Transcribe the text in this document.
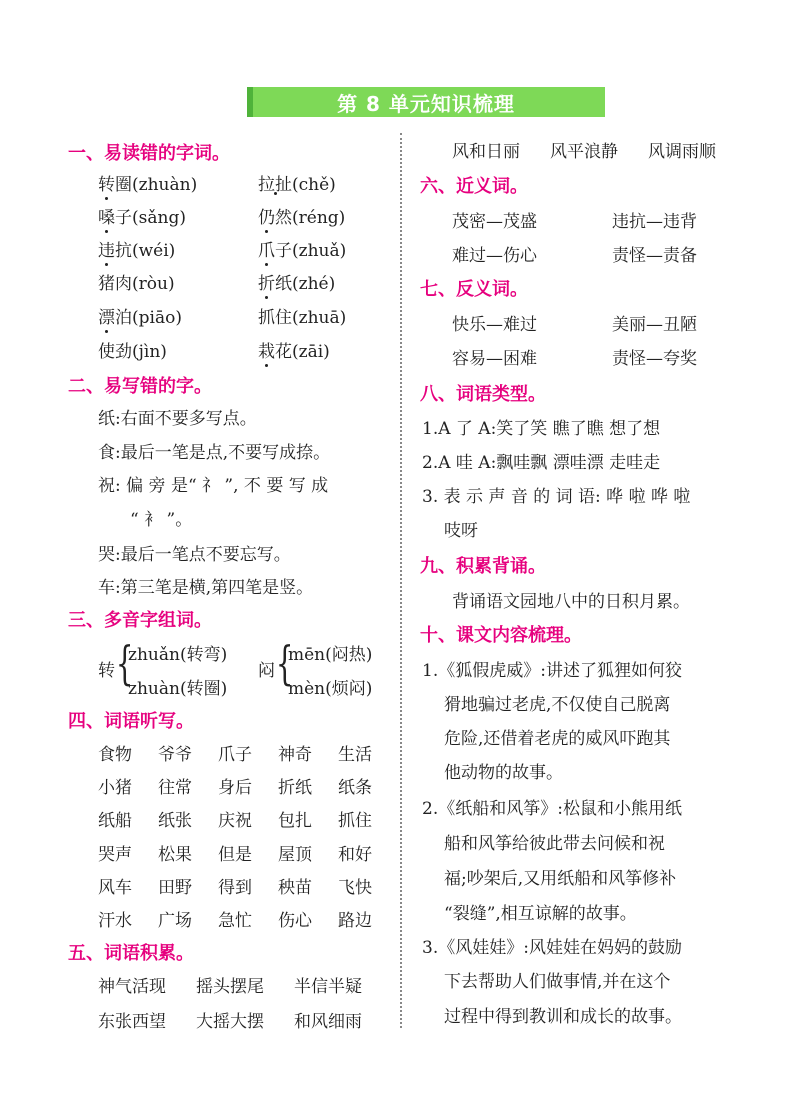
第 8 单元知识梳理
一、易读错的字词。
转圈(zhuàn)	拉扯(chě)
嗓子(sǎng)	仍然(réng)
违抗(wéi)	爪子(zhuǎ)
猪肉(ròu)	折纸(zhé)
漂泊(piāo)	抓住(zhuā)
使劲(jìn)	栽花(zāi)
二、易写错的字。
纸:右面不要多写点。
食:最后一笔是点,不要写成捺。
祝: 偏 旁 是“ 礻 ”, 不 要 写 成
“ 衤 ”。
哭:最后一笔点不要忘写。
车:第三笔是横,第四笔是竖。
三、多音字组词。
转 {
zhuǎn(转弯)
zhuàn(转圈)
闷 {
mēn(闷热)
mèn(烦闷)
四、词语听写。
食物 爷爷 爪子 神奇 生活
小猪 往常 身后 折纸 纸条
纸船 纸张 庆祝 包扎 抓住
哭声 松果 但是 屋顶 和好
风车 田野 得到 秧苗 飞快
汗水 广场 急忙 伤心 路边
五、词语积累。
神气活现 摇头摆尾 半信半疑
东张西望 大摇大摆 和风细雨
风和日丽 风平浪静 风调雨顺
六、近义词。
茂密—茂盛	违抗—违背
难过—伤心	责怪—责备
七、反义词。
快乐—难过	美丽—丑陋
容易—困难	责怪—夸奖
八、词语类型。
1.A 了 A:笑了笑 瞧了瞧 想了想
2.A 哇 A:飘哇飘 漂哇漂 走哇走
3. 表 示 声 音 的 词 语: 哗 啦 哗 啦
吱呀
九、积累背诵。
背诵语文园地八中的日积月累。
十、课文内容梳理。
1.《狐假虎威》:讲述了狐狸如何狡
猾地骗过老虎,不仅使自己脱离
危险,还借着老虎的威风吓跑其
他动物的故事。
2.《纸船和风筝》:松鼠和小熊用纸
船和风筝给彼此带去问候和祝
福;吵架后,又用纸船和风筝修补
“裂缝”,相互谅解的故事。
3.《风娃娃》:风娃娃在妈妈的鼓励
下去帮助人们做事情,并在这个
过程中得到教训和成长的故事。
